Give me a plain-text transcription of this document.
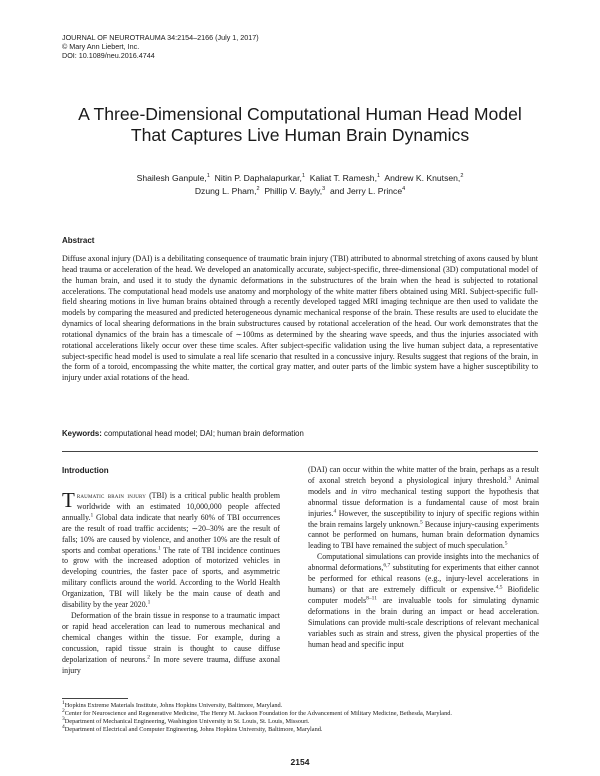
JOURNAL OF NEUROTRAUMA 34:2154–2166 (July 1, 2017)
© Mary Ann Liebert, Inc.
DOI: 10.1089/neu.2016.4744
A Three-Dimensional Computational Human Head Model
That Captures Live Human Brain Dynamics
Shailesh Ganpule,$^1$ Nitin P. Daphalapurkar,$^1$ Kaliat T. Ramesh,$^1$ Andrew K. Knutsen,$^2$
Dzung L. Pham,$^2$ Phillip V. Bayly,$^3$ and Jerry L. Prince$^4$
Abstract

Diffuse axonal injury (DAI) is a debilitating consequence of traumatic brain injury (TBI) attributed to abnormal stretching of axons caused by blunt head trauma or acceleration of the head. We developed an anatomically accurate, subject-specific, three-dimensional (3D) computational model of the human brain, and used it to study the dynamic deformations in the substructures of the brain when the head is subjected to rotational accelerations. The computational head models use anatomy and morphology of the white matter fibers obtained using MRI. Subject-specific full-field shearing motions in live human brains obtained through a recently developed tagged MRI imaging technique are then used to validate the models by comparing the measured and predicted heterogeneous dynamic mechanical response of the brain. These results are used to elucidate the dynamics of local shearing deformations in the brain substructures caused by rotational acceleration of the head. Our work demonstrates that the rotational dynamics of the brain has a timescale of ∼100ms as determined by the shearing wave speeds, and thus the injuries associated with rotational accelerations likely occur over these time scales. After subject-specific validation using the live human subject data, a representative subject-specific head model is used to simulate a real life scenario that resulted in a concussive injury. Results suggest that regions of the brain, in the form of a toroid, encompassing the white matter, the cortical gray matter, and outer parts of the limbic system have a higher susceptibility to injury under axial rotations of the head.

Keywords: computational head model; DAI; human brain deformation
Introduction

Traumatic brain injury (TBI) is a critical public health problem worldwide with an estimated 10,000,000 people affected annually.$^1$ Global data indicate that nearly 60% of TBI occurrences are the result of road traffic accidents; ∼20–30% are the result of falls; 10% are caused by violence, and another 10% are the result of sports and combat operations.$^1$ The rate of TBI incidence continues to grow with the increased adoption of motorized vehicles in developing countries, the faster pace of sports, and asymmetric military conflicts around the world. According to the World Health Organization, TBI will likely be the main cause of death and disability by the year 2020.$^1$

Deformation of the brain tissue in response to a traumatic impact or rapid head acceleration can lead to numerous mechanical and chemical changes within the tissue. For example, during a concussion, rapid tissue strain is thought to cause diffuse depolarization of neurons.$^2$ In more severe trauma, diffuse axonal injury

(DAI) can occur within the white matter of the brain, perhaps as a result of axonal stretch beyond a physiological injury threshold.$^3$ Animal models and in vitro mechanical testing support the hypothesis that abnormal tissue deformation is a fundamental cause of most brain injuries.$^4$ However, the susceptibility to injury of specific regions within the brain remains largely unknown.$^5$ Because injury-causing experiments cannot be performed on humans, human brain deformation dynamics leading to TBI have remained the subject of much speculation.$^5$

Computational simulations can provide insights into the mechanics of abnormal deformations,$^{6,7}$ substituting for experiments that either cannot be performed for ethical reasons (e.g., injury-level accelerations in humans) or that are extremely difficult or expensive.$^{4,5}$ Biofidelic computer models$^{8-11}$ are invaluable tools for simulating dynamic deformations in the brain during an impact or head acceleration. Simulations can provide multi-scale descriptions of relevant mechanical variables such as strain and stress, given the physical properties of the human head and specific input

$^1$Hopkins Extreme Materials Institute, Johns Hopkins University, Baltimore, Maryland.
$^2$Center for Neuroscience and Regenerative Medicine, The Henry M. Jackson Foundation for the Advancement of Military Medicine, Bethesda, Maryland.
$^3$Department of Mechanical Engineering, Washington University in St. Louis, St. Louis, Missouri.
$^4$Department of Electrical and Computer Engineering, Johns Hopkins University, Baltimore, Maryland.
2154
